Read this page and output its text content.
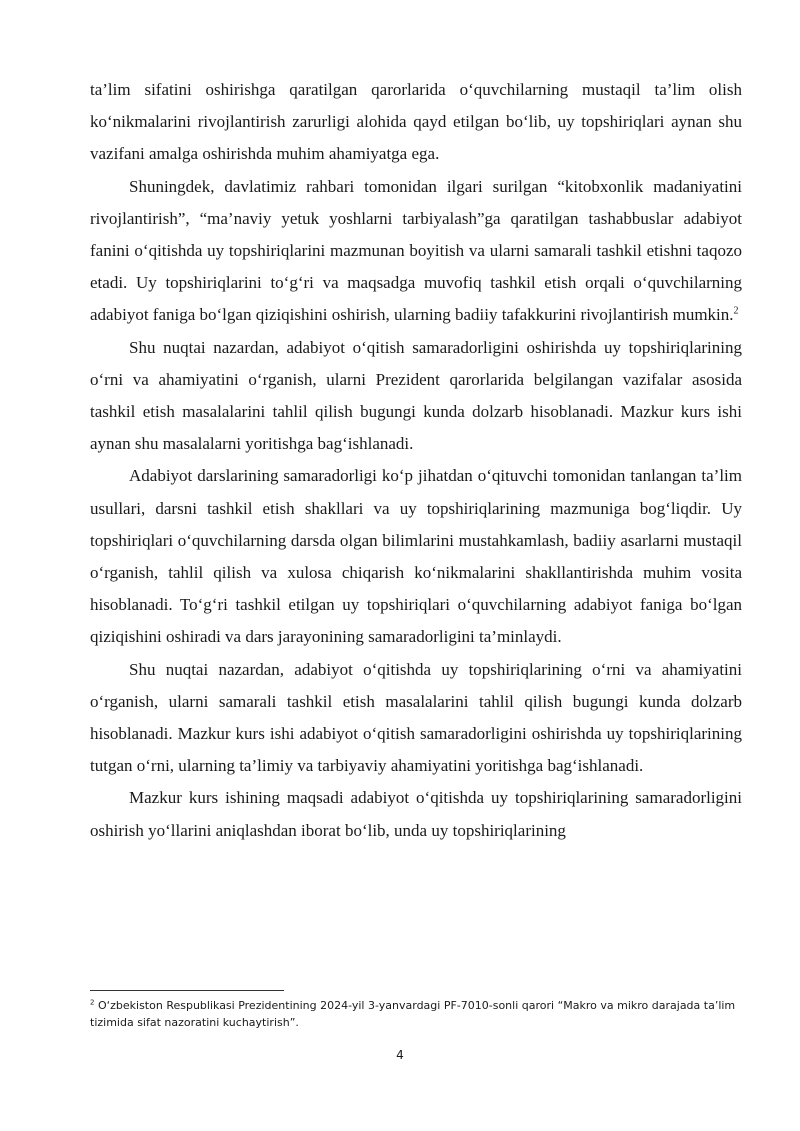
ta’lim sifatini oshirishga qaratilgan qarorlarida oʻquvchilarning mustaqil ta’lim olish ko‘nikmalarini rivojlantirish zarurligi alohida qayd etilgan bo‘lib, uy topshiriqlari aynan shu vazifani amalga oshirishda muhim ahamiyatga ega.

Shuningdek, davlatimiz rahbari tomonidan ilgari surilgan “kitobxonlik madaniyatini rivojlantirish”, “ma’naviy yetuk yoshlarni tarbiyalash”ga qaratilgan tashabbuslar adabiyot fanini o‘qitishda uy topshiriqlarini mazmunan boyitish va ularni samarali tashkil etishni taqozo etadi. Uy topshiriqlarini to‘g‘ri va maqsadga muvofiq tashkil etish orqali o‘quvchilarning adabiyot faniga bo‘lgan qiziqishini oshirish, ularning badiiy tafakkurini rivojlantirish mumkin.$^2$

Shu nuqtai nazardan, adabiyot o‘qitish samaradorligini oshirishda uy topshiriqlarining o‘rni va ahamiyatini o‘rganish, ularni Prezident qarorlarida belgilangan vazifalar asosida tashkil etish masalalarini tahlil qilish bugungi kunda dolzarb hisoblanadi. Mazkur kurs ishi aynan shu masalalarni yoritishga bag‘ishlanadi.

Adabiyot darslarining samaradorligi ko‘p jihatdan o‘qituvchi tomonidan tanlangan ta’lim usullari, darsni tashkil etish shakllari va uy topshiriqlarining mazmuniga bog‘liqdir. Uy topshiriqlari o‘quvchilarning darsda olgan bilimlarini mustahkamlash, badiiy asarlarni mustaqil o‘rganish, tahlil qilish va xulosa chiqarish ko‘nikmalarini shakllantirishda muhim vosita hisoblanadi. To‘g‘ri tashkil etilgan uy topshiriqlari o‘quvchilarning adabiyot faniga bo‘lgan qiziqishini oshiradi va dars jarayonining samaradorligini ta’minlaydi.

Shu nuqtai nazardan, adabiyot o‘qitishda uy topshiriqlarining o‘rni va ahamiyatini o‘rganish, ularni samarali tashkil etish masalalarini tahlil qilish bugungi kunda dolzarb hisoblanadi. Mazkur kurs ishi adabiyot o‘qitish samaradorligini oshirishda uy topshiriqlarining tutgan o‘rni, ularning ta’limiy va tarbiyaviy ahamiyatini yoritishga bag‘ishlanadi.

Mazkur kurs ishining maqsadi adabiyot o‘qitishda uy topshiriqlarining samaradorligini oshirish yo‘llarini aniqlashdan iborat bo‘lib, unda uy topshiriqlarining

$^2$ O‘zbekiston Respublikasi Prezidentining 2024-yil 3-yanvardagi PF-7010-sonli qarori “Makro va mikro darajada ta’lim tizimida sifat nazoratini kuchaytirish”.

4
